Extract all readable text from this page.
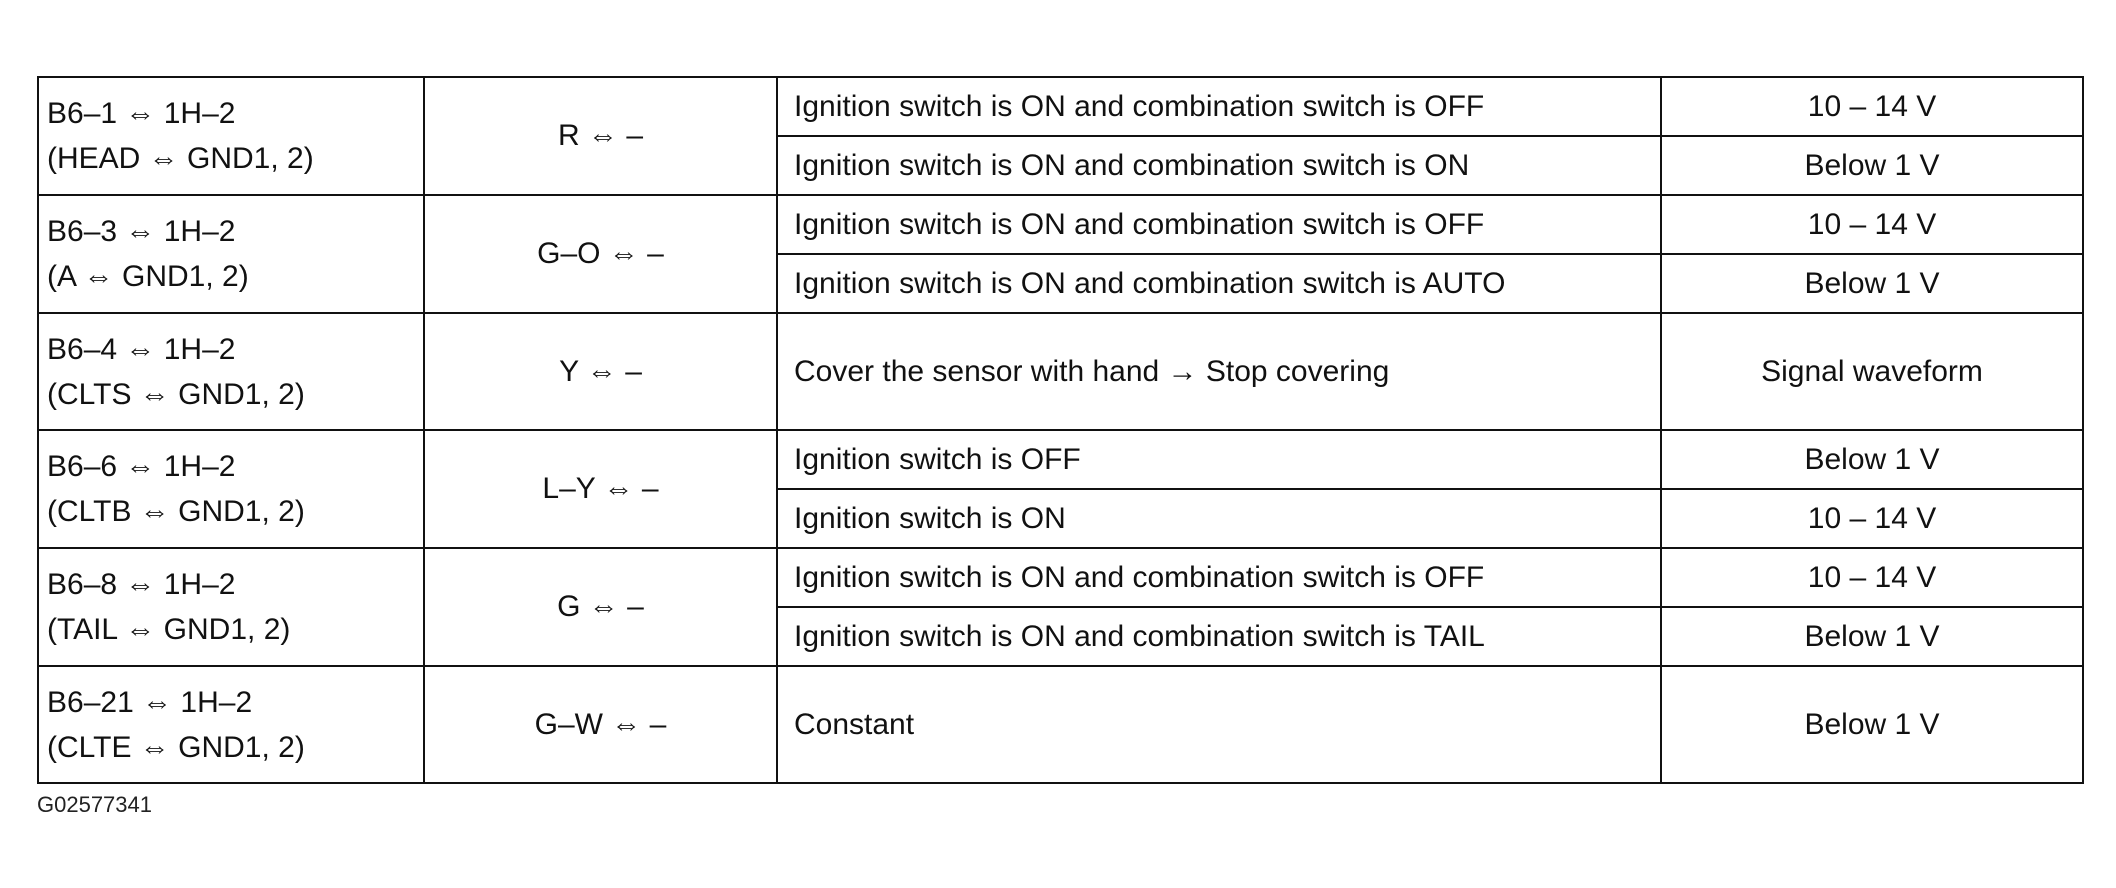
B6–1 ⇔ 1H–2
(HEAD ⇔ GND1, 2)	R ⇔ –	Ignition switch is ON and combination switch is OFF	10 – 14 V
		Ignition switch is ON and combination switch is ON	Below 1 V

B6–3 ⇔ 1H–2
(A ⇔ GND1, 2)	G–O ⇔ –	Ignition switch is ON and combination switch is OFF	10 – 14 V
		Ignition switch is ON and combination switch is AUTO	Below 1 V

B6–4 ⇔ 1H–2
(CLTS ⇔ GND1, 2)	Y ⇔ –	Cover the sensor with hand → Stop covering	Signal waveform

B6–6 ⇔ 1H–2
(CLTB ⇔ GND1, 2)	L–Y ⇔ –	Ignition switch is OFF	Below 1 V
		Ignition switch is ON	10 – 14 V

B6–8 ⇔ 1H–2
(TAIL ⇔ GND1, 2)	G ⇔ –	Ignition switch is ON and combination switch is OFF	10 – 14 V
		Ignition switch is ON and combination switch is TAIL	Below 1 V

B6–21 ⇔ 1H–2
(CLTE ⇔ GND1, 2)	G–W ⇔ –	Constant	Below 1 V
G02577341
